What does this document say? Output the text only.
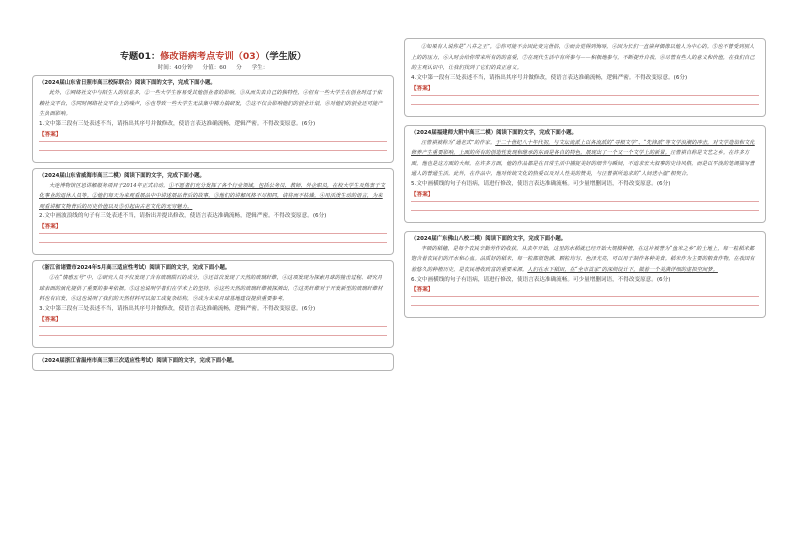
专题01：修改语病考点专训（03）（学生版）
时间：40分钟 分值：60 分 学生：
（2024届山东省日照市高三校际联合）阅读下面的文字，完成下面小题。

此外，①网络社交中与陌生人的信息多，②一些大学生容易受其他创业者的影响，③从而失去自己的独特性，④但有一些大学生在创业时过于依赖社交平台，⑤同时网络社交平台上的噪声，⑥也导致一些大学生无法集中精力搞研发，⑦这不仅会影响他们的创业计划，⑧对他们的创业还可能产生负面影响。

1.文中第三段有三处表述不当，请指出其序号并做修改，使语言表达准确流畅，逻辑严密。不得改变原意。(6分)

【答案】
（2024届山东省威海市高三二模）阅读下面的文字，完成下面小题。

大连博物馆区思讲解服务项目于2014年正式启动。①不愿者们充分发挥了各个行业领域，包括公务员、教师、外企职员，在校大学生及热衷于文化事业的退休人员等。②他们每天为来观看展品中中讲述展品背后的故事。③他们的讲解风格不尽相同，请将而不枯燥。④用活泼生动的语言，为来观看讲解文物背后的历史价值以及⑤引起由古老文化的无穷魅力。

2.文中画波浪线的句子有三处表述不当，请指出并提出修改，使语言表达准确流畅，逻辑严密。不得改变原意。(6分)

【答案】
（浙江省诸暨市2024年5月高三适应性考试）阅读下面的文字，完成下面小题。

①在“情感五号”中，②研究人员不仅发现了含有玻璃陨石的成分，③还首次发现了天然的玻璃纤维，④这项发现为探索月球的撞击过程、研究月球表面的演化提供了重要的参考依据。⑤这也说明学者们在学术上的坚持，⑥这些天然的玻璃纤维被探测出，⑦这类纤维对于开发新型的玻璃纤维材料也有启发，⑧这也说明了我们的天然材料可以加工成复杂结构，⑨成为未来月球基地建设提供重要参考。

3.文中第三段有三处表述不当，请指出其序号并做修改，使语言表达准确流畅，逻辑严密。不得改变原意。(6分)

【答案】
（2024届浙江省温州市高三第三次适应性考试）阅读下面的文字，完成下面小题。

①如果有人说你是“八井之王”，②你可能不会因此变完世俗，③而会觉得到悔辱，④因为长们一直崇拜偶像以他人为中心的。⑤也不曾受到别人上的的压力，⑥入时会给你带来所有的的喜爱，⑦在现代生活中有所参与——积极地参与，不断提升自我，⑧尽管有些人的意义和价值，在我们自己的主观认识中，让我们找到了它们的真正意义。

4.文中第一段有三处表述不当，请指出其序号并做修改，使语言表达准确流畅，逻辑严密。不得改变原意。(6分)

【答案】
（2024届福建师大附中高三二模）阅读下面的文字，完成下面小题。

汪曾祺被称为“通老式”的作家。于二十世纪八十年代初，与文坛流派上以各流派的“寻根文学”、“先锋派”等文学浪潮的冲击，对文学造诣和文化修养产生重要影响，上面的所有的创造性发现和继承的东西是各自的特色，展现出了一个又一个文学上的新景。汪曾祺自称是文艺之乡。在许多方面，他也是这方面的大师。在许多方面，他的作品都是在日常生活中捕捉美好的细节与瞬间，不追求宏大叙事的史诗风格，而是以平淡的笔调描写普通人的普通生活。此外，在作品中，他对传统文化的热爱以及对人性美的赞美，与汪曾祺所追求的“人间送小温”相契合。

5.文中画横线的句子有语病，请进行修改，使语言表达准确流畅。可少量增删词语，不得改变原意。(6分)

【答案】
（2024届广东佛山八校二模）阅读下面的文字，完成下面小题。

丰硕的稻穗，是每个农民辛勤劳作的收获。从去年开始，这里的水稻就已经开始大规模种植，在这片被誉为“鱼米之乡”的土地上，每一粒稻米都饱含着农民们的汗水和心血。品质好的稻米，每一粒都很饱满、颗粒均匀、色泽光亮，可以用于制作各种美食。稻米作为主要的粮食作物，在我国有着悠久的种植历史，是农民增收致富的重要来源。人们在水下稻田，在“全市首家”的深圳设计下，做着一个美满详细的虚拟空间梦。

6.文中画横线的句子有语病，请进行修改，使语言表达准确流畅。可少量增删词语，不得改变原意。(6分)

【答案】
